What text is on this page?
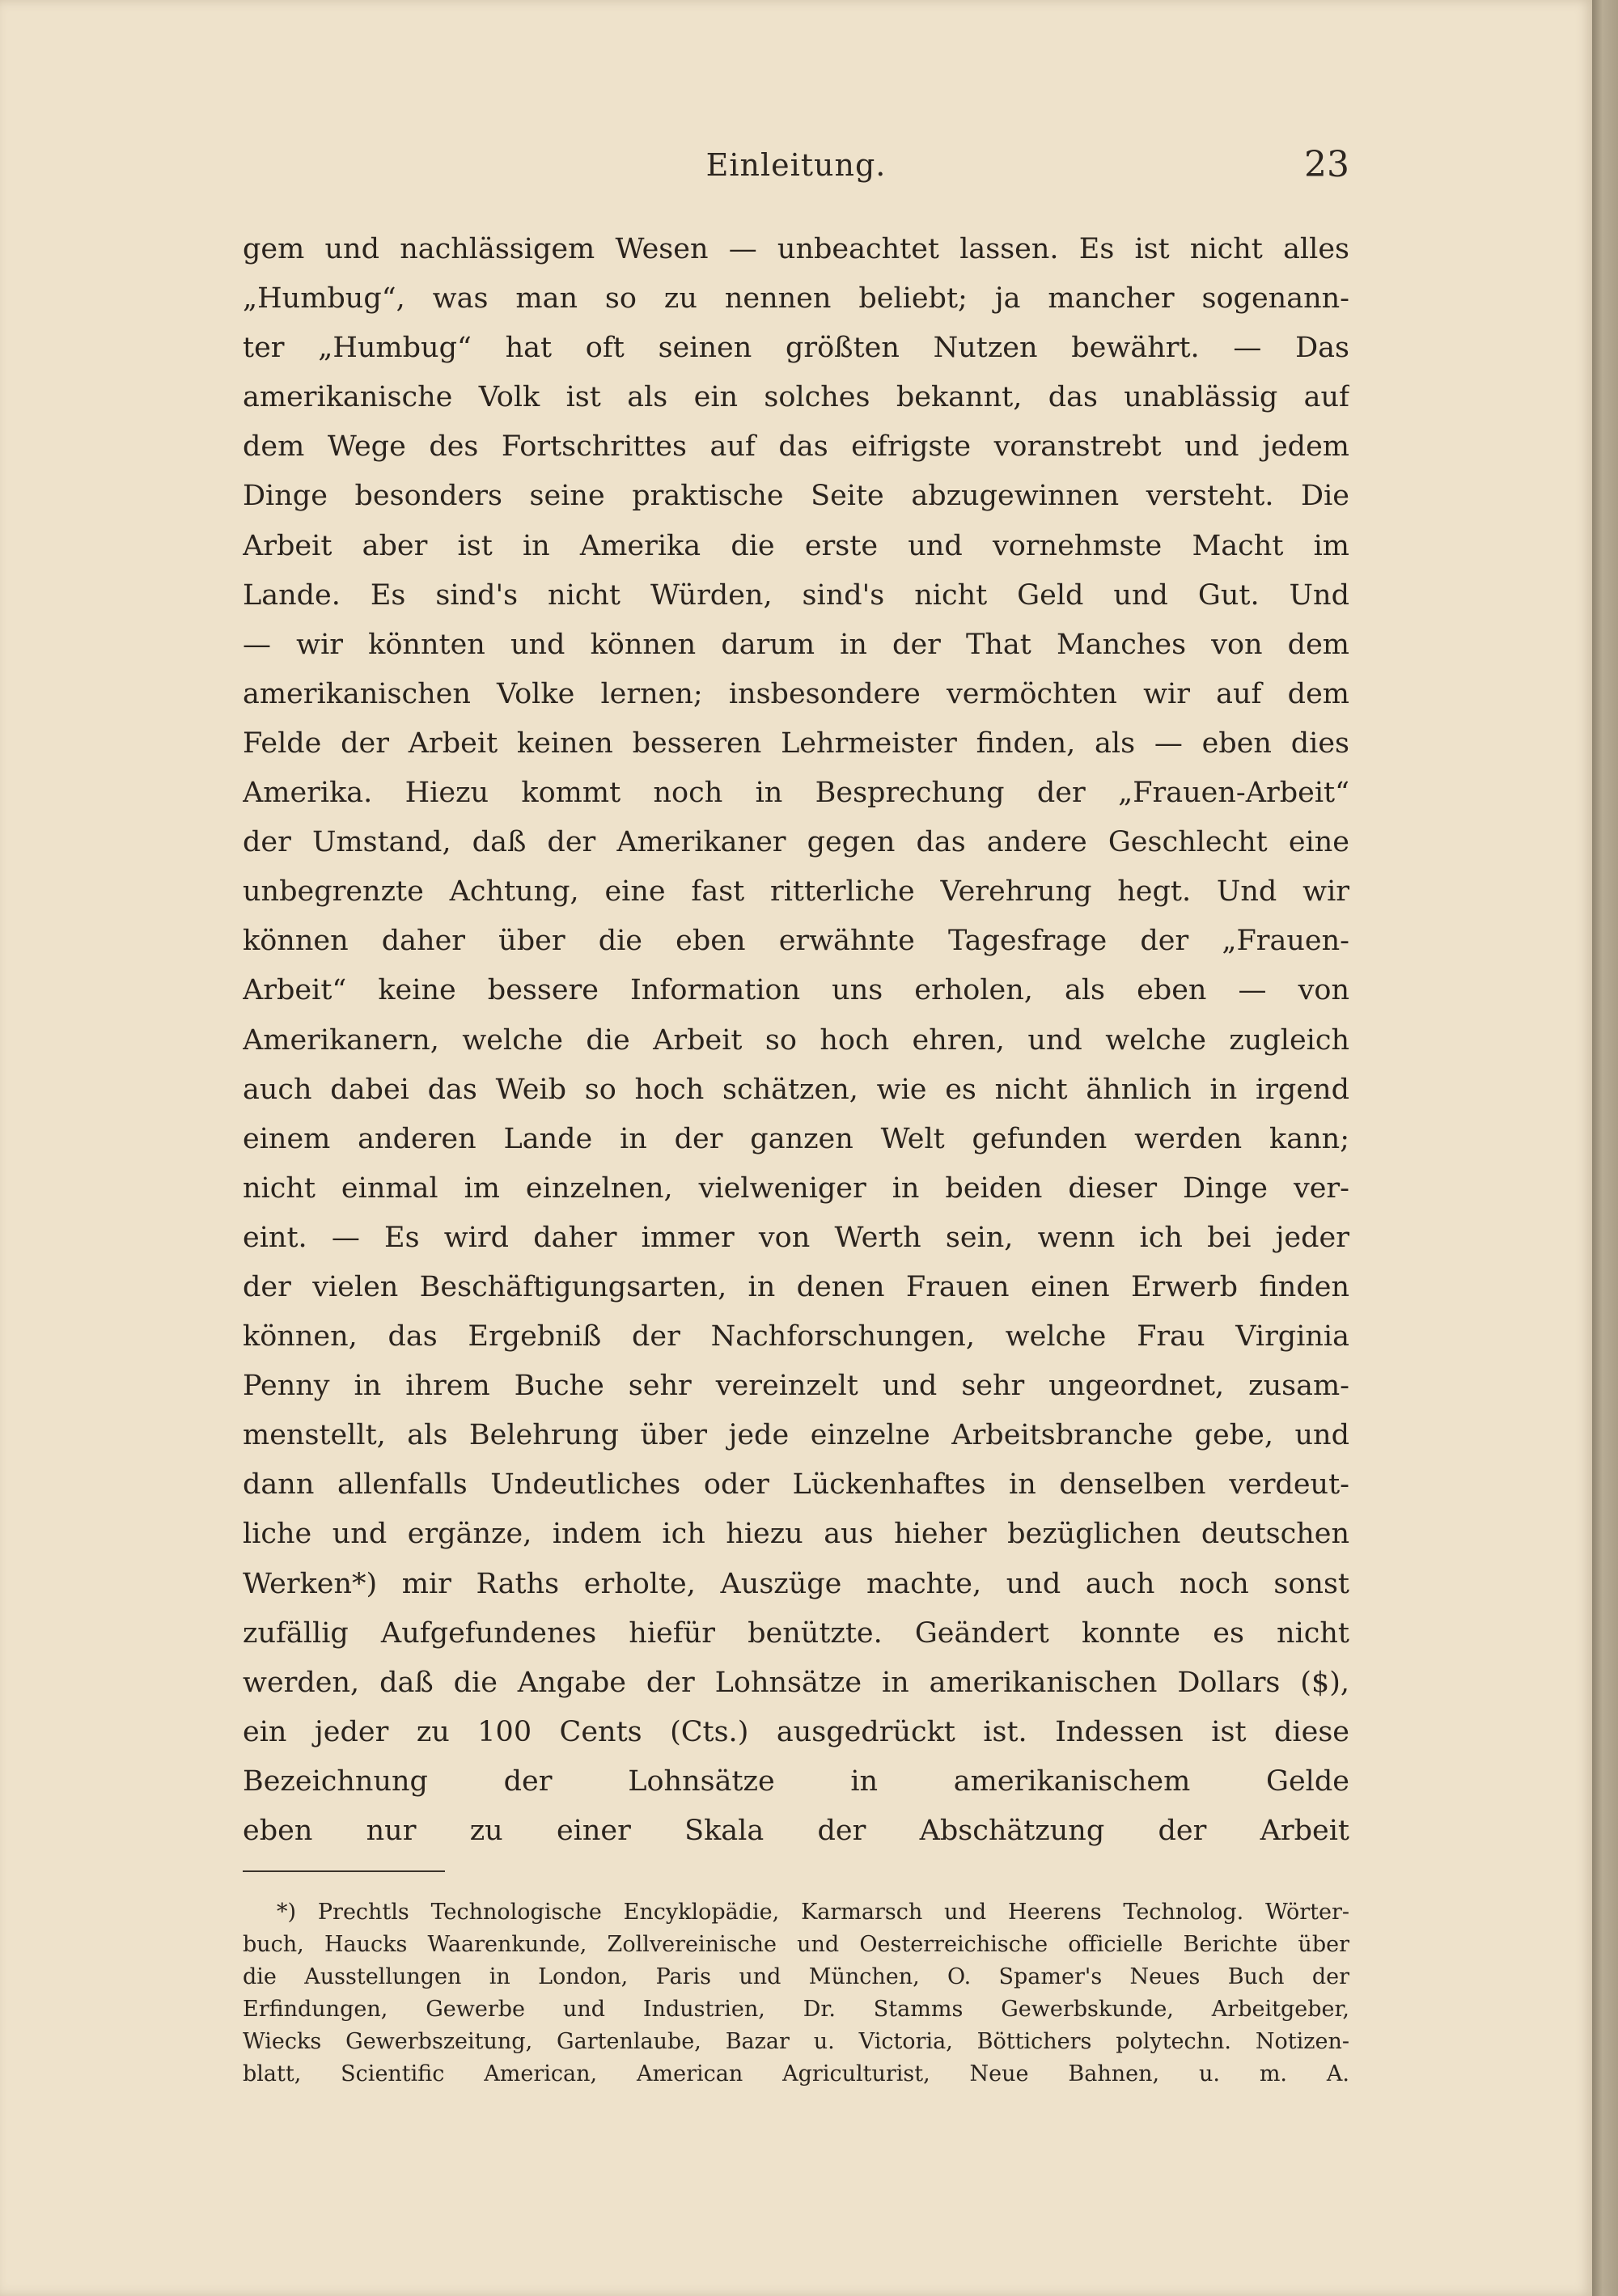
Einleitung.	23
gem und nachlässigem Wesen — unbeachtet lassen. Es ist nicht alles
„Humbug“, was man so zu nennen beliebt; ja mancher sogenann-
ter „Humbug“ hat oft seinen größten Nutzen bewährt. — Das
amerikanische Volk ist als ein solches bekannt, das unablässig auf
dem Wege des Fortschrittes auf das eifrigste voranstrebt und jedem
Dinge besonders seine praktische Seite abzugewinnen versteht. Die
Arbeit aber ist in Amerika die erste und vornehmste Macht im
Lande. Es sind's nicht Würden, sind's nicht Geld und Gut. Und
— wir könnten und können darum in der That Manches von dem
amerikanischen Volke lernen; insbesondere vermöchten wir auf dem
Felde der Arbeit keinen besseren Lehrmeister finden, als — eben dies
Amerika. Hiezu kommt noch in Besprechung der „Frauen-Arbeit“
der Umstand, daß der Amerikaner gegen das andere Geschlecht eine
unbegrenzte Achtung, eine fast ritterliche Verehrung hegt. Und wir
können daher über die eben erwähnte Tagesfrage der „Frauen-
Arbeit“ keine bessere Information uns erholen, als eben — von
Amerikanern, welche die Arbeit so hoch ehren, und welche zugleich
auch dabei das Weib so hoch schätzen, wie es nicht ähnlich in irgend
einem anderen Lande in der ganzen Welt gefunden werden kann;
nicht einmal im einzelnen, vielweniger in beiden dieser Dinge ver-
eint. — Es wird daher immer von Werth sein, wenn ich bei jeder
der vielen Beschäftigungsarten, in denen Frauen einen Erwerb finden
können, das Ergebniß der Nachforschungen, welche Frau Virginia
Penny in ihrem Buche sehr vereinzelt und sehr ungeordnet, zusam-
menstellt, als Belehrung über jede einzelne Arbeitsbranche gebe, und
dann allenfalls Undeutliches oder Lückenhaftes in denselben verdeut-
liche und ergänze, indem ich hiezu aus hieher bezüglichen deutschen
Werken*) mir Raths erholte, Auszüge machte, und auch noch sonst
zufällig Aufgefundenes hiefür benützte. Geändert konnte es nicht
werden, daß die Angabe der Lohnsätze in amerikanischen Dollars ($),
ein jeder zu 100 Cents (Cts.) ausgedrückt ist. Indessen ist diese
Bezeichnung der Lohnsätze in amerikanischem Gelde
eben nur zu einer Skala der Abschätzung der Arbeit
*) Prechtls Technologische Encyklopädie, Karmarsch und Heerens Technolog. Wörter-
buch, Haucks Waarenkunde, Zollvereinische und Oesterreichische officielle Berichte über
die Ausstellungen in London, Paris und München, O. Spamer's Neues Buch der
Erfindungen, Gewerbe und Industrien, Dr. Stamms Gewerbskunde, Arbeitgeber,
Wiecks Gewerbszeitung, Gartenlaube, Bazar u. Victoria, Böttichers polytechn. Notizen-
blatt, Scientific American, American Agriculturist, Neue Bahnen, u. m. A.
